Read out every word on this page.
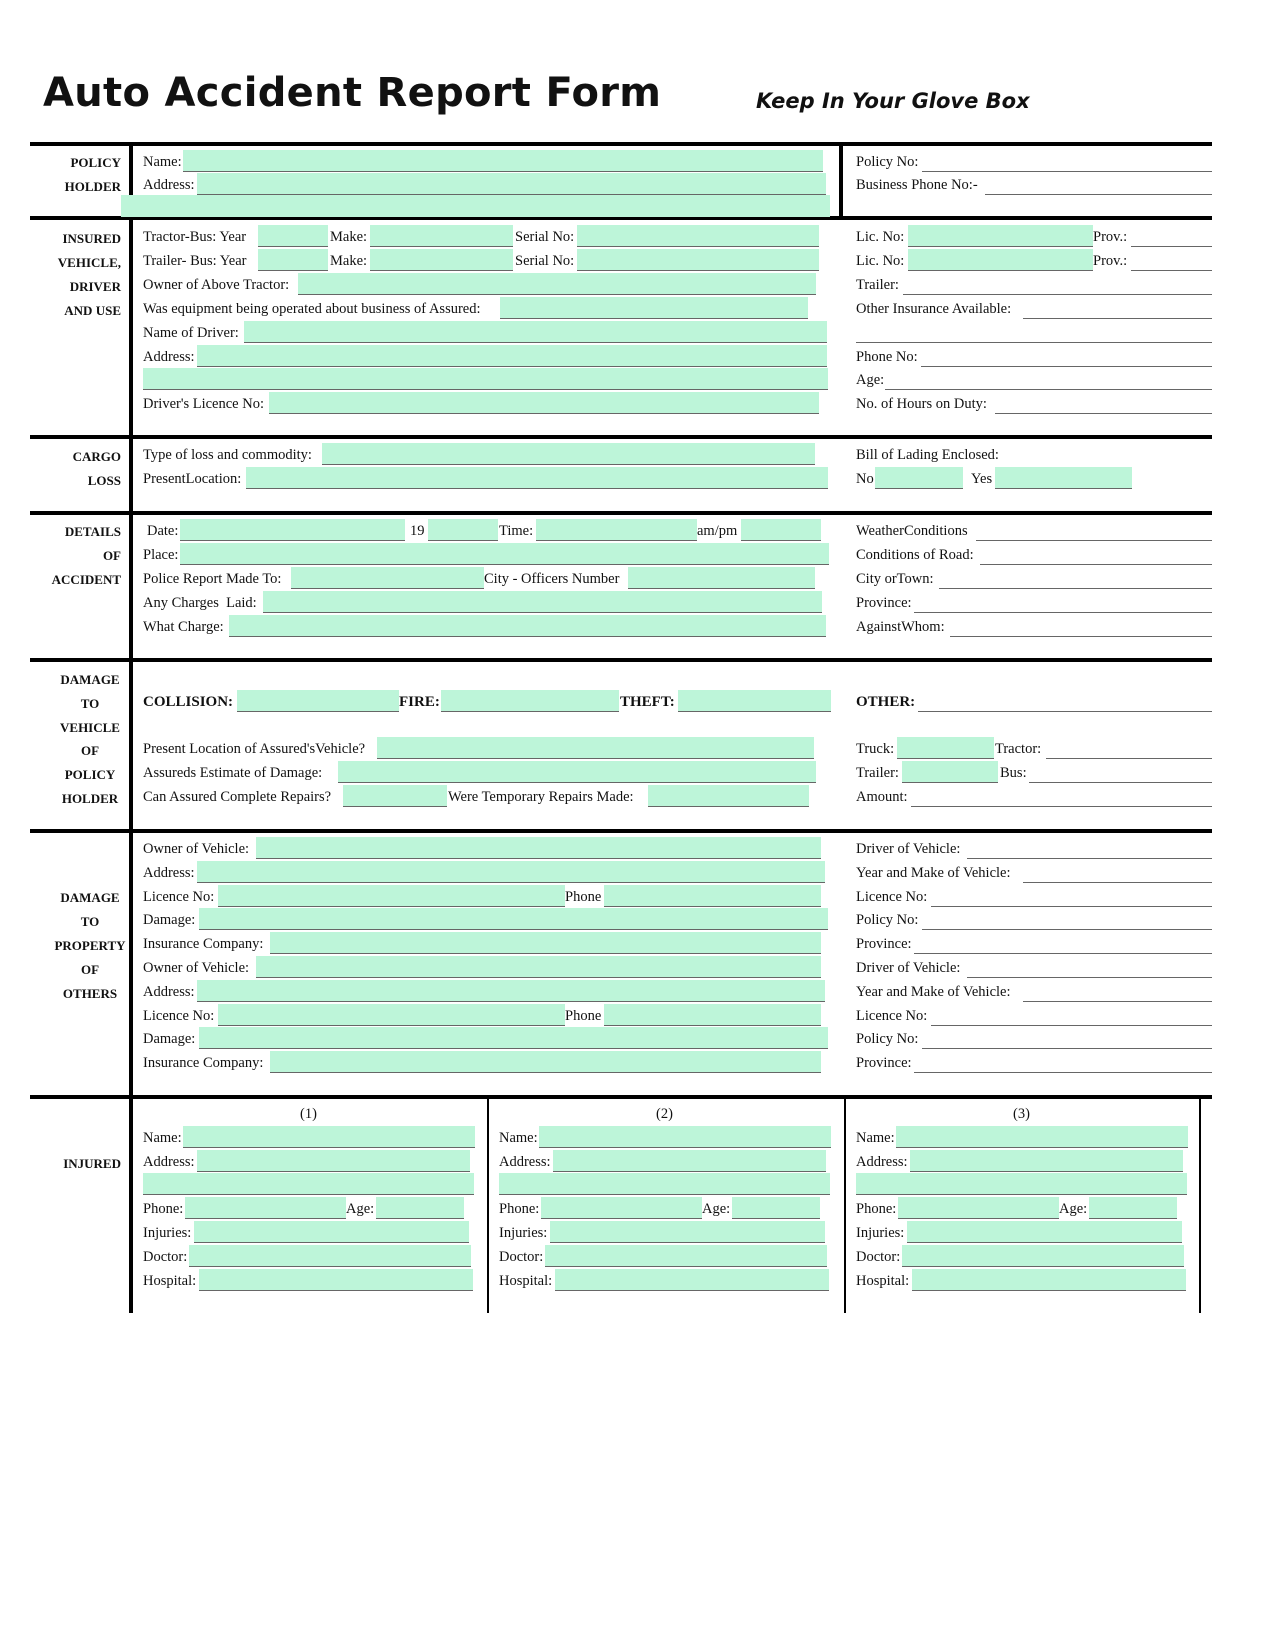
Auto Accident Report Form	Keep In Your Glove Box
POLICY
HOLDER
Name:
Address:
Policy No:
Business Phone No:-
INSURED
VEHICLE,
DRIVER
AND USE
Tractor-Bus: Year	Make:	Serial No:	Lic. No:	Prov.:
Trailer- Bus: Year	Make:	Serial No:	Lic. No:	Prov.:
Owner of Above Tractor:	Trailer:
Was equipment being operated about business of Assured:	Other Insurance Available:
Name of Driver:
Address:	Phone No:
Age:
Driver's Licence No:	No. of Hours on Duty:
CARGO
LOSS
Type of loss and commodity:
PresentLocation:
Bill of Lading Enclosed:
No	Yes
DETAILS
OF
ACCIDENT
Date:	19	Time:	am/pm	WeatherConditions
Place:	Conditions of Road:
Police Report Made To:	City - Officers Number	City orTown:
Any Charges  Laid:	Province:
What Charge:	AgainstWhom:
DAMAGE
TO
VEHICLE
OF
POLICY
HOLDER
COLLISION:	FIRE:	THEFT:	OTHER:
Present Location of Assured'sVehicle?	Truck:	Tractor:
Assureds Estimate of Damage:	Trailer:	Bus:
Can Assured Complete Repairs?	Were Temporary Repairs Made:	Amount:
DAMAGE
TO
PROPERTY
OF
OTHERS
Owner of Vehicle:	Driver of Vehicle:
Address:	Year and Make of Vehicle:
Licence No:	Phone	Licence No:
Damage:	Policy No:
Insurance Company:	Province:
Owner of Vehicle:	Driver of Vehicle:
Address:	Year and Make of Vehicle:
Licence No:	Phone	Licence No:
Damage:	Policy No:
Insurance Company:	Province:
INJURED
(1)
Name:
Address:
Phone:	Age:
Injuries:
Doctor:
Hospital:
(2)
Name:
Address:
Phone:	Age:
Injuries:
Doctor:
Hospital:
(3)
Name:
Address:
Phone:	Age:
Injuries:
Doctor:
Hospital:
